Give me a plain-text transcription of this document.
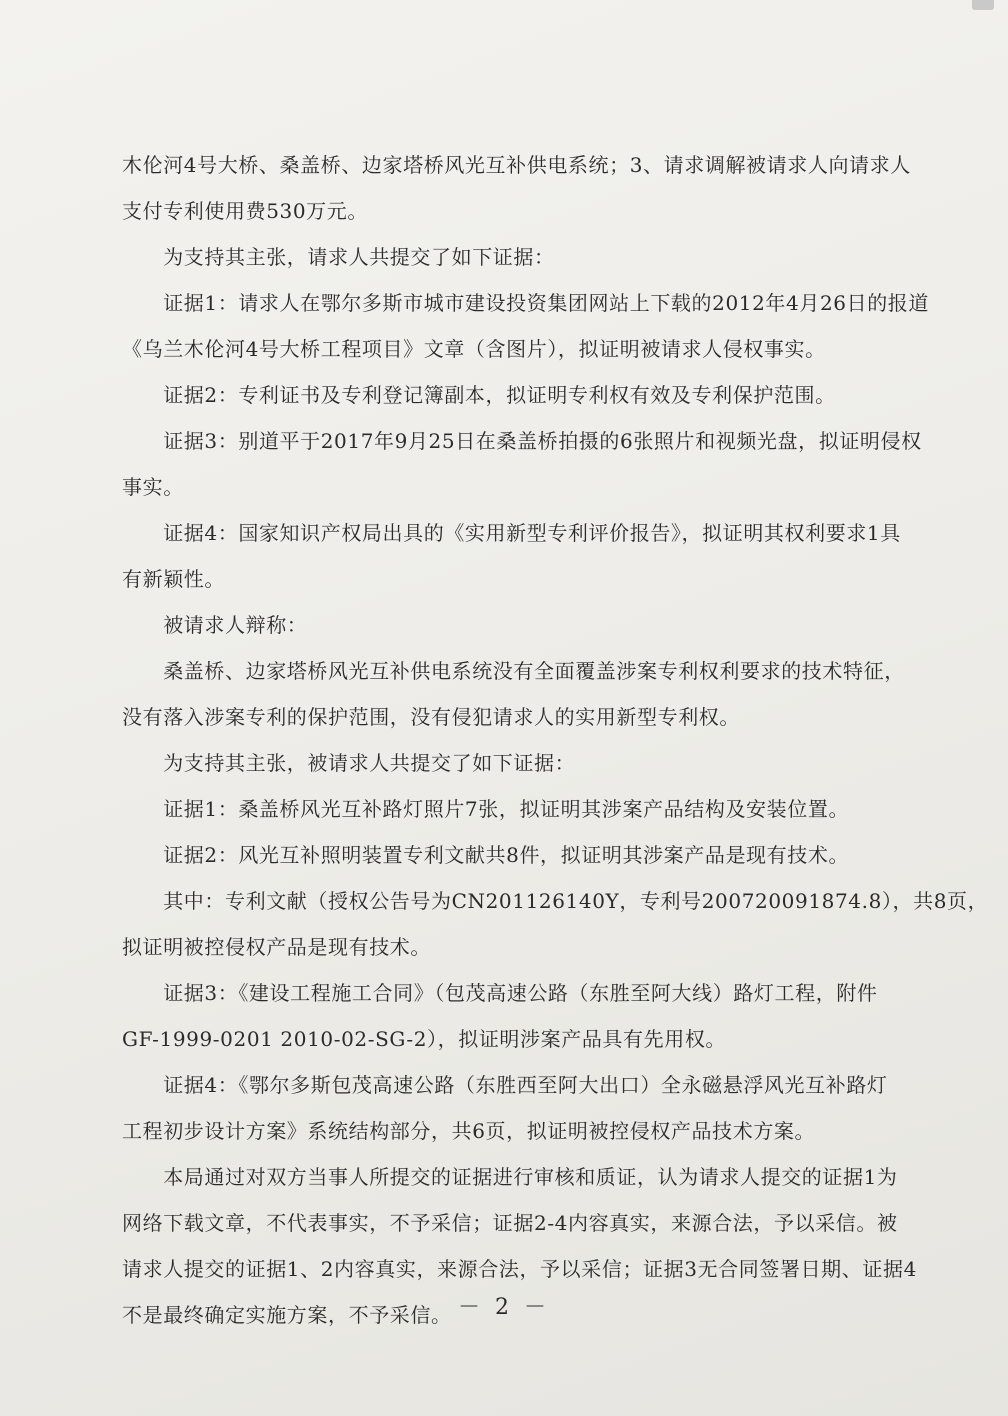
木伦河4号大桥、桑盖桥、边家塔桥风光互补供电系统；3、请求调解被请求人向请求人
支付专利使用费530万元。
　　为支持其主张，请求人共提交了如下证据：
　　证据1：请求人在鄂尔多斯市城市建设投资集团网站上下载的2012年4月26日的报道
《乌兰木伦河4号大桥工程项目》文章（含图片），拟证明被请求人侵权事实。
　　证据2：专利证书及专利登记簿副本，拟证明专利权有效及专利保护范围。
　　证据3：别道平于2017年9月25日在桑盖桥拍摄的6张照片和视频光盘，拟证明侵权
事实。
　　证据4：国家知识产权局出具的《实用新型专利评价报告》，拟证明其权利要求1具
有新颖性。
　　被请求人辩称：
　　桑盖桥、边家塔桥风光互补供电系统没有全面覆盖涉案专利权利要求的技术特征，
没有落入涉案专利的保护范围，没有侵犯请求人的实用新型专利权。
　　为支持其主张，被请求人共提交了如下证据：
　　证据1：桑盖桥风光互补路灯照片7张，拟证明其涉案产品结构及安装位置。
　　证据2：风光互补照明装置专利文献共8件，拟证明其涉案产品是现有技术。
　　其中：专利文献（授权公告号为CN201126140Y，专利号200720091874.8），共8页，
拟证明被控侵权产品是现有技术。
　　证据3：《建设工程施工合同》（包茂高速公路（东胜至阿大线）路灯工程，附件
GF-1999-0201 2010-02-SG-2），拟证明涉案产品具有先用权。
　　证据4：《鄂尔多斯包茂高速公路（东胜西至阿大出口）全永磁悬浮风光互补路灯
工程初步设计方案》系统结构部分，共6页，拟证明被控侵权产品技术方案。
　　本局通过对双方当事人所提交的证据进行审核和质证，认为请求人提交的证据1为
网络下载文章，不代表事实，不予采信；证据2-4内容真实，来源合法，予以采信。被
请求人提交的证据1、2内容真实，来源合法，予以采信；证据3无合同签署日期、证据4
不是最终确定实施方案，不予采信。 － 2 －
